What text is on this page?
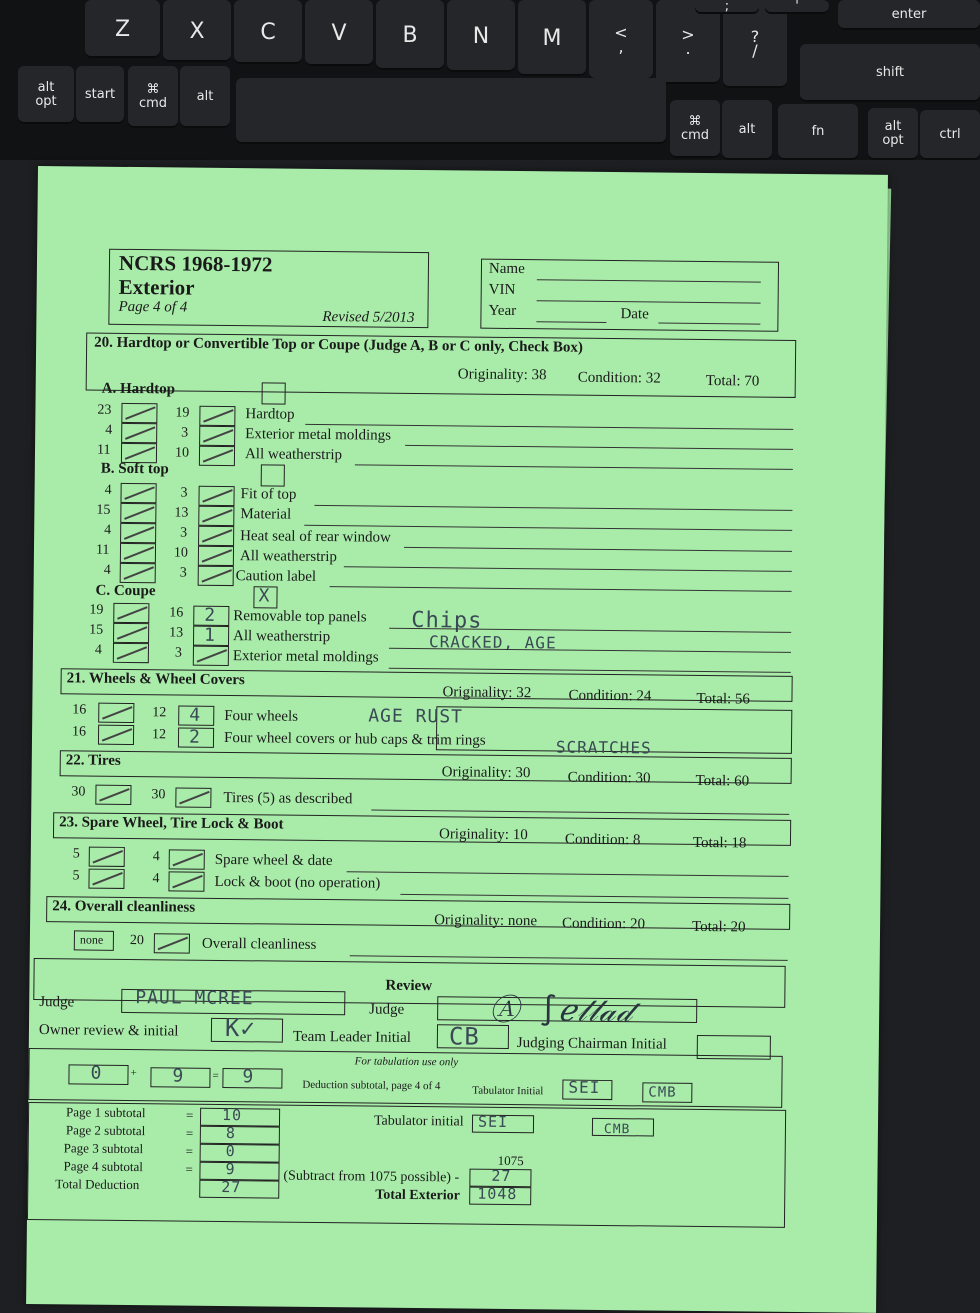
Z	X	C	V	B	N	M	<
,
>
.
?
/
;	'
enter
shift
alt
opt start ⌘
cmd alt
⌘
cmd alt	fn	alt
opt	ctrl
NCRS 1968-1972
Exterior
Page 4 of 4
Revised 5/2013
Name
VIN
Year	Date
20. Hardtop or Convertible Top or Coupe (Judge A, B or C only, Check Box)
Originality: 38 Condition: 32	Total: 70
A. Hardtop
23	19	Hardtop
4	3	Exterior metal moldings
11	10	All weatherstrip
B. Soft top
4	3	Fit of top
15	13	Material
4	3	Heat seal of rear window
11	10	All weatherstrip
4	3	Caution label
C. Coupe	X
19	16 2 Removable top panels Chips
15	13 1 All weatherstrip	CRACKED, AGE
4	3	Exterior metal moldings
21. Wheels & Wheel Covers
Originality: 32 Condition: 24	Total: 56
16	12 4 Four wheels	AGE RUST
16	12 2 Four wheel covers or hub caps & trim rings	SCRATCHES
22. Tires
Originality: 30 Condition: 30	Total: 60
30	30	Tires (5) as described
23. Spare Wheel, Tire Lock & Boot
Originality: 10 Condition: 8	Total: 18
5	4	Spare wheel & date
5	4	Lock & boot (no operation)
24. Overall cleanliness
Originality: none Condition: 20	Total: 20
none 20	Overall cleanliness
Review
Judge	PAUL MCREE
Judge	Ⓐ ∫ℯ𝓁𝓁𝒶𝒹
Owner review & initial K✓ Team Leader Initial CB Judging Chairman Initial
For tabulation use only
0	+ 9	= 9	Deduction subtotal, page 4 of 4	Tabulator Initial SEI	CMB
Page 1 subtotal	= 10
Page 2 subtotal	= 8
Page 3 subtotal	= 0
Page 4 subtotal	= 9
Total Deduction	27
Tabulator initial SEI	CMB
1075
(Subtract from 1075 possible) - 27
Total Exterior 1048
